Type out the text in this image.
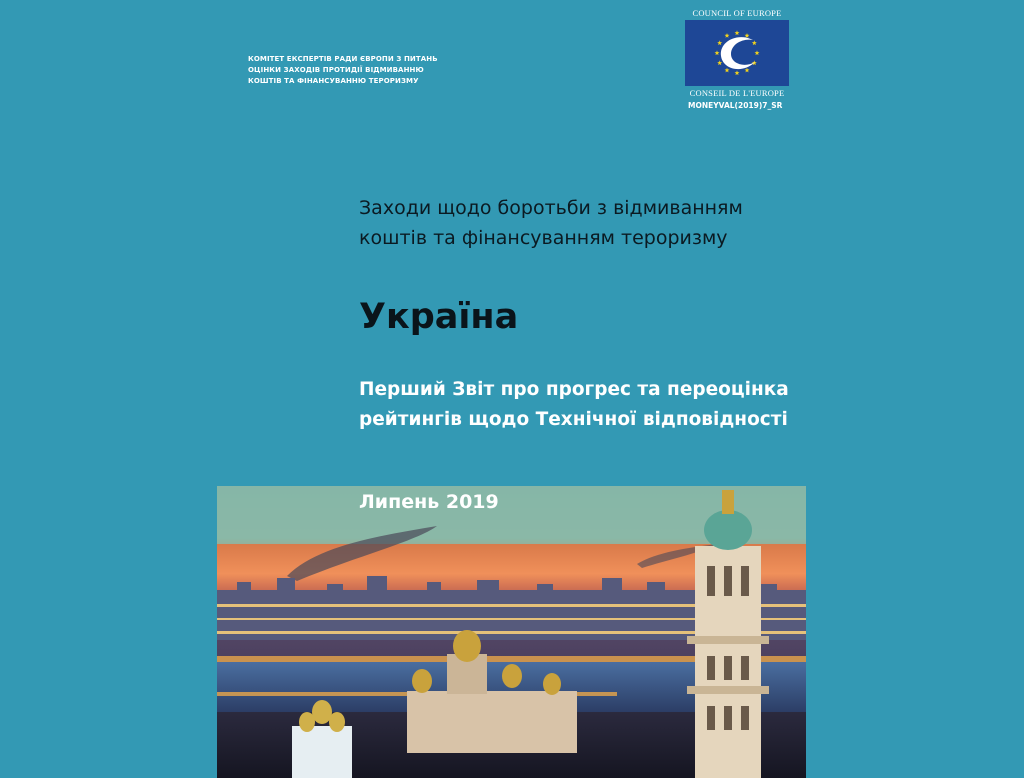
КОМІТЕТ ЕКСПЕРТІВ РАДИ ЄВРОПИ З ПИТАНЬ
ОЦІНКИ ЗАХОДІВ ПРОТИДІЇ ВІДМИВАННЮ
КОШТІВ ТА ФІНАНСУВАННЮ ТЕРОРИЗМУ
COUNCIL OF EUROPE
CONSEIL DE L'EUROPE
MONEYVAL(2019)7_SR
Заходи щодо боротьби з відмиванням
коштів та фінансуванням тероризму
Україна
Перший Звіт про прогрес та переоцінка
рейтингів щодо Технічної відповідності
Липень 2019
